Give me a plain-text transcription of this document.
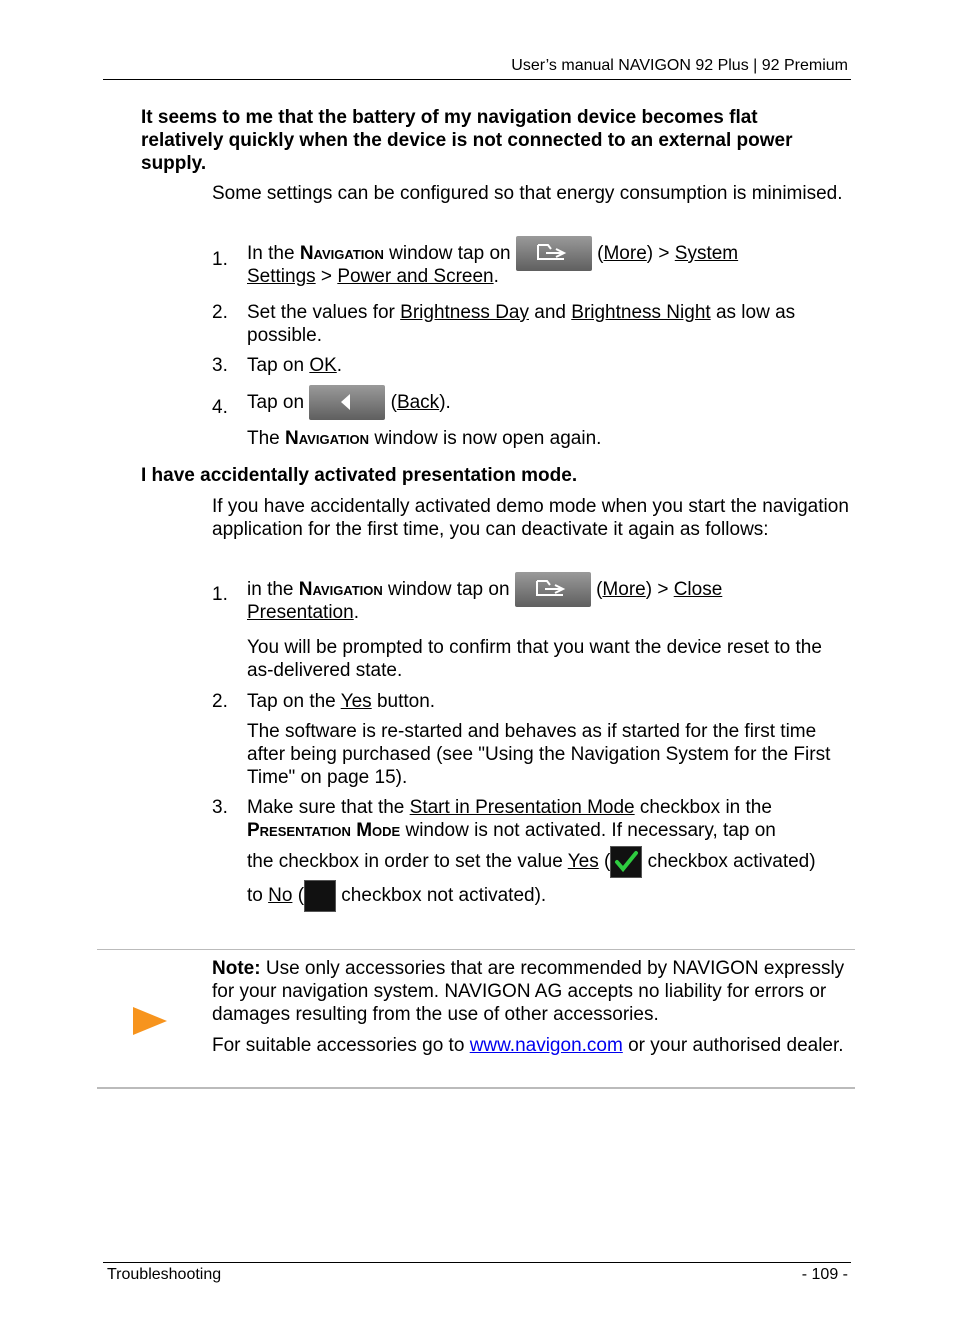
User’s manual NAVIGON 92 Plus | 92 Premium
It seems to me that the battery of my navigation device becomes flat relatively quickly when the device is not connected to an external power supply.
Some settings can be configured so that energy consumption is minimised.
1.	In the Navigation window tap on	(More) > System
Settings > Power and Screen.
2.	Set the values for Brightness Day and Brightness Night as low as possible.
3.	Tap on OK.
4.	Tap on	(Back).
The Navigation window is now open again.
I have accidentally activated presentation mode.
If you have accidentally activated demo mode when you start the navigation application for the first time, you can deactivate it again as follows:
1.	in the Navigation window tap on	(More) > Close
Presentation.
You will be prompted to confirm that you want the device reset to the as-delivered state.
2.	Tap on the Yes button.
The software is re-started and behaves as if started for the first time after being purchased (see "Using the Navigation System for the First Time" on page 15).
3.	Make sure that the Start in Presentation Mode checkbox in the
Presentation Mode window is not activated. If necessary, tap on
the checkbox in order to set the value Yes (
checkbox activated)
to No ( checkbox not activated).
Note: Use only accessories that are recommended by NAVIGON expressly for your navigation system. NAVIGON AG accepts no liability for errors or damages resulting from the use of other accessories.
For suitable accessories go to www.navigon.com or your authorised dealer.
Troubleshooting	- 109 -
